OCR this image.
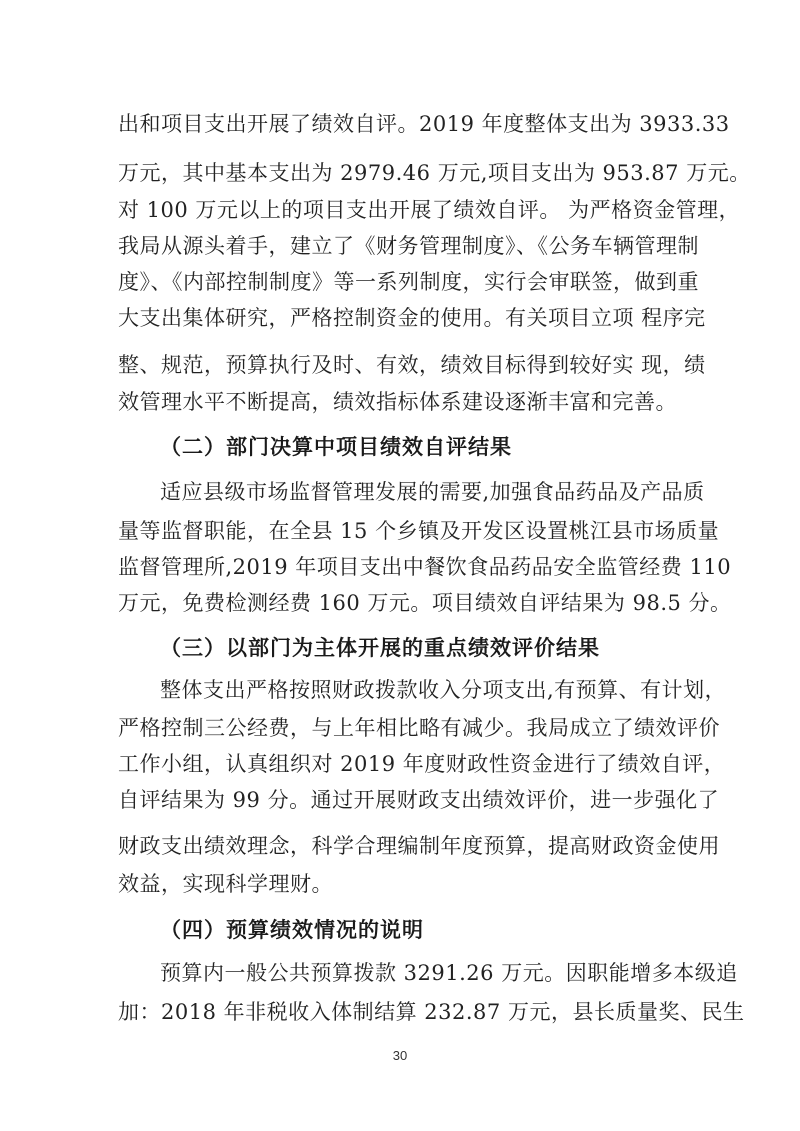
出和项目支出开展了绩效自评。2019 年度整体支出为 3933.33
万元，其中基本支出为 2979.46 万元,项目支出为 953.87 万元。
对 100 万元以上的项目支出开展了绩效自评。 为严格资金管理，
我局从源头着手，建立了《财务管理制度》、《公务车辆管理制
度》、《内部控制制度》等一系列制度，实行会审联签，做到重
大支出集体研究，严格控制资金的使用。有关项目立项 程序完
整、规范，预算执行及时、有效，绩效目标得到较好实 现，绩
效管理水平不断提高，绩效指标体系建设逐渐丰富和完善。
（二）部门决算中项目绩效自评结果
适应县级市场监督管理发展的需要,加强食品药品及产品质
量等监督职能，在全县 15 个乡镇及开发区设置桃江县市场质量
监督管理所,2019 年项目支出中餐饮食品药品安全监管经费 110
万元，免费检测经费 160 万元。项目绩效自评结果为 98.5 分。
（三）以部门为主体开展的重点绩效评价结果
整体支出严格按照财政拨款收入分项支出,有预算、有计划，
严格控制三公经费，与上年相比略有减少。我局成立了绩效评价
工作小组，认真组织对 2019 年度财政性资金进行了绩效自评，
自评结果为 99 分。通过开展财政支出绩效评价，进一步强化了
财政支出绩效理念，科学合理编制年度预算，提高财政资金使用
效益，实现科学理财。
（四）预算绩效情况的说明
预算内一般公共预算拨款 3291.26 万元。因职能增多本级追
加：2018 年非税收入体制结算 232.87 万元，县长质量奖、民生
30
